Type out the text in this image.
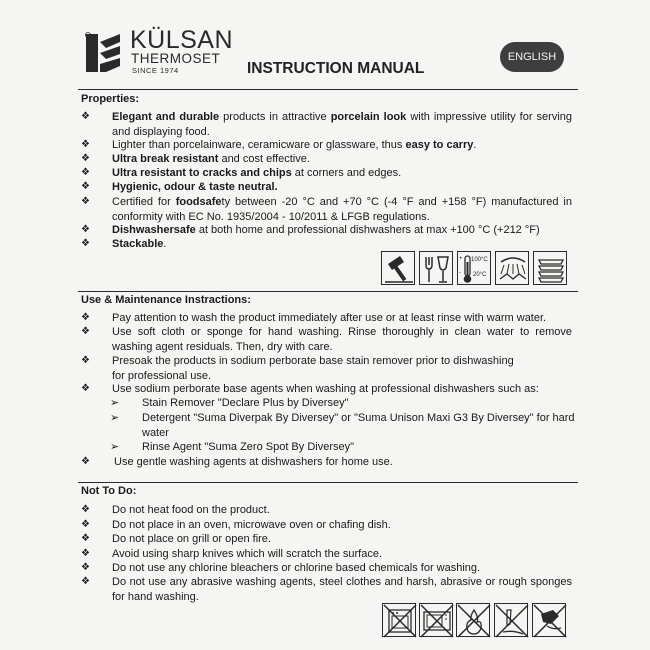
KÜLSAN
THERMOSET
SINCE 1974	INSTRUCTION MANUAL
ENGLISH
Properties:
❖ Elegant and durable products in attractive porcelain look with impressive utility for serving and displaying food.
❖ Lighter than porcelainware, ceramicware or glassware, thus easy to carry.
❖ Ultra break resistant and cost effective.
❖ Ultra resistant to cracks and chips at corners and edges.
❖ Hygienic, odour & taste neutral.
❖ Certified for foodsafety between -20 °C and +70 °C (-4 °F and +158 °F) manufactured in conformity with EC No. 1935/2004 - 10/2011 & LFGB regulations.
❖ Dishwashersafe at both home and professional dishwashers at max +100 °C (+212 °F)
❖ Stackable.
+
-
100°C
20°C
Use & Maintenance Instractions:
❖ Pay attention to wash the product immediately after use or at least rinse with warm water.
❖ Use soft cloth or sponge for hand washing. Rinse thoroughly in clean water to remove washing agent residuals. Then, dry with care.
❖ Presoak the products in sodium perborate base stain remover prior to dishwashing for professional use.
❖ Use sodium perborate base agents when washing at professional dishwashers such as:
➢ Stain Remover "Declare Plus by Diversey"
➢ Detergent "Suma Diverpak By Diversey" or "Suma Unison Maxi G3 By Diversey" for hard water
➢ Rinse Agent "Suma Zero Spot By Diversey"
❖ Use gentle washing agents at dishwashers for home use.
Not To Do:
❖ Do not heat food on the product.
❖ Do not place in an oven, microwave oven or chafing dish.
❖ Do not place on grill or open fire.
❖ Avoid using sharp knives which will scratch the surface.
❖ Do not use any chlorine bleachers or chlorine based chemicals for washing.
❖ Do not use any abrasive washing agents, steel clothes and harsh, abrasive or rough sponges for hand washing.
